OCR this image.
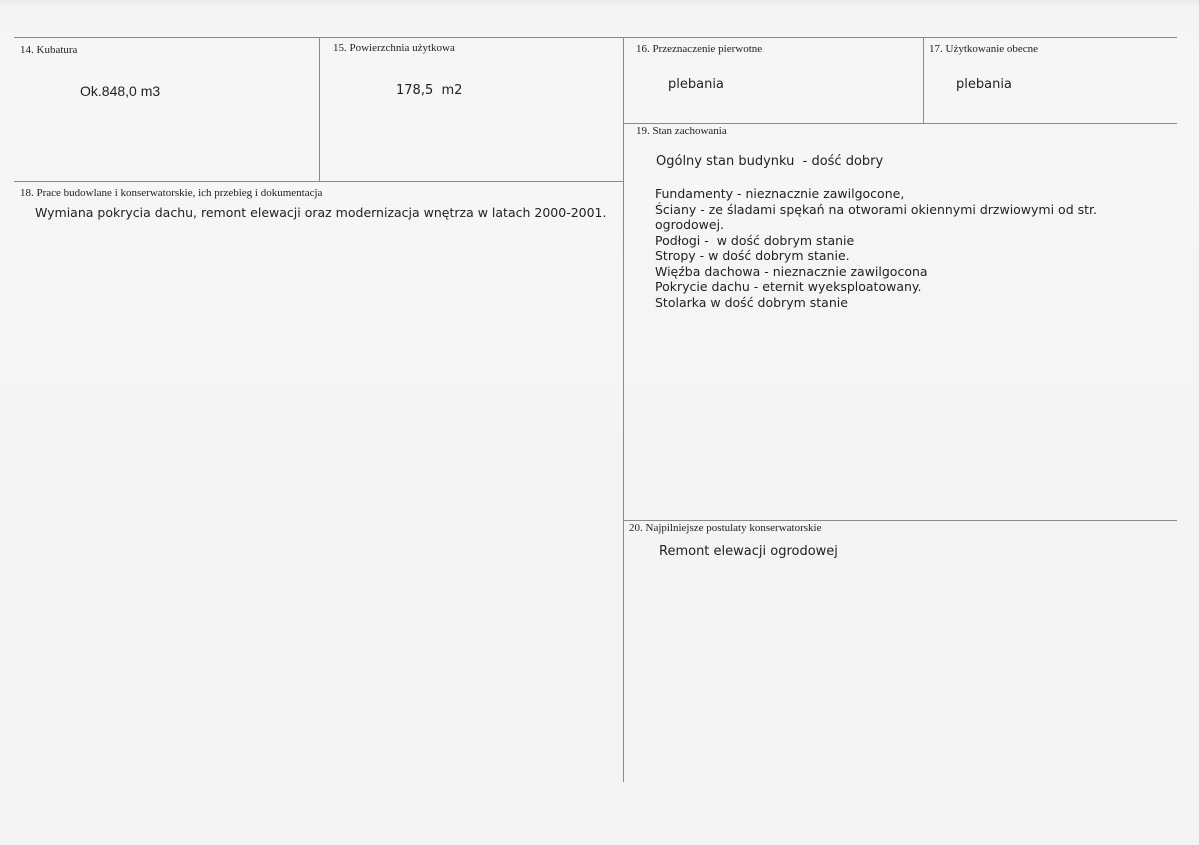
14. Kubatura
Ok.848,0 m3
15. Powierzchnia użytkowa
178,5  m2
16. Przeznaczenie pierwotne
plebania
17. Użytkowanie obecne
plebania
19. Stan zachowania
Ogólny stan budynku  - dość dobry
Fundamenty - nieznacznie zawilgocone,
Ściany - ze śladami spękań na otworami okiennymi drzwiowymi od str.
ogrodowej.
Podłogi -  w dość dobrym stanie
Stropy - w dość dobrym stanie.
Więźba dachowa - nieznacznie zawilgocona
Pokrycie dachu - eternit wyeksploatowany.
Stolarka w dość dobrym stanie
18. Prace budowlane i konserwatorskie, ich przebieg i dokumentacja
Wymiana pokrycia dachu, remont elewacji oraz modernizacja wnętrza w latach 2000-2001.
20. Najpilniejsze postulaty konserwatorskie
Remont elewacji ogrodowej
